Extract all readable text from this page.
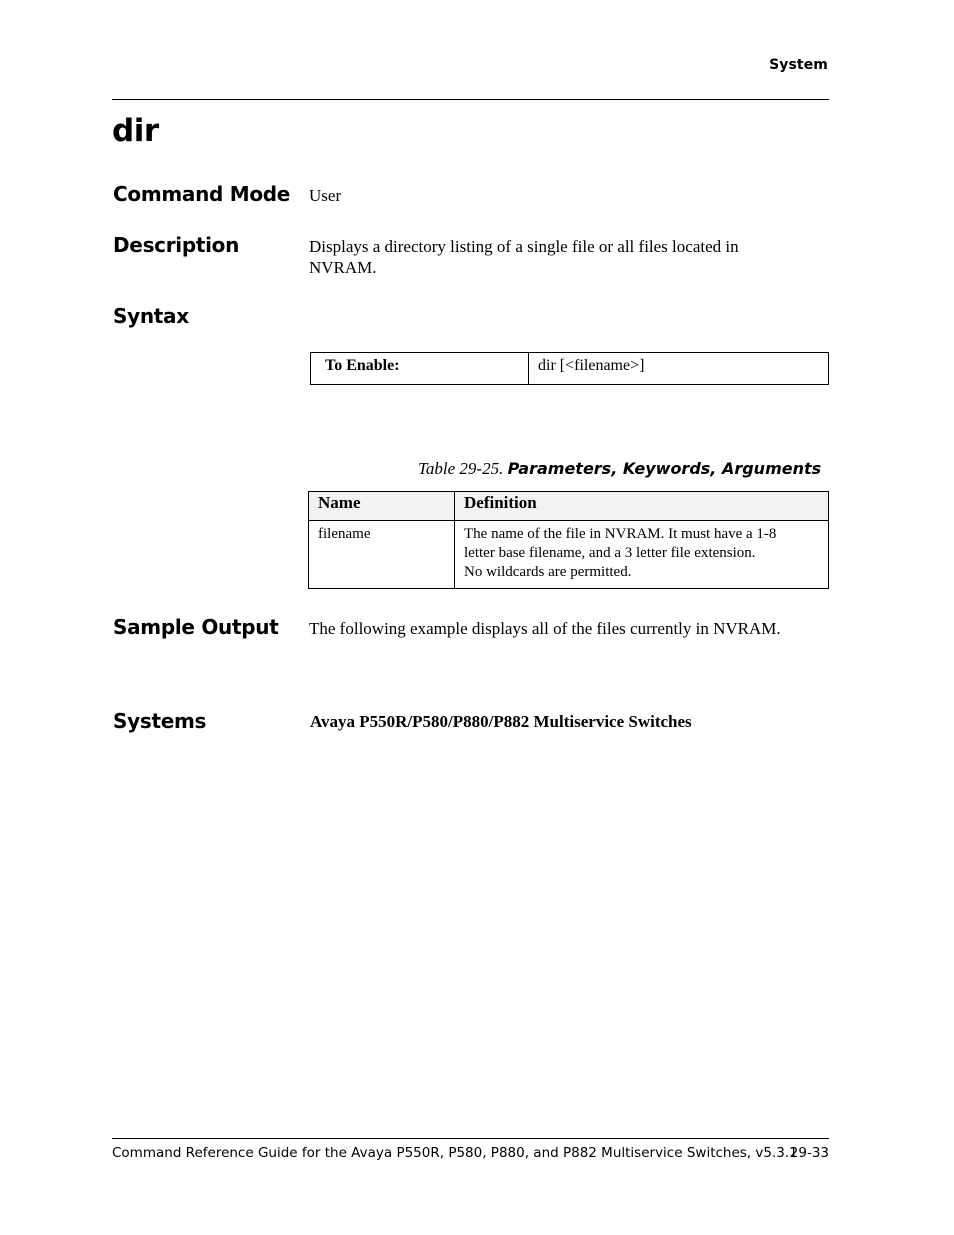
System
dir
Command Mode User
Description	Displays a directory listing of a single file or all files located in
NVRAM.
Syntax
To Enable:	dir [<filename>]
Table 29-25. Parameters, Keywords, Arguments
Name	Definition
filename	The name of the file in NVRAM. It must have a 1-8
letter base filename, and a 3 letter file extension.
No wildcards are permitted.
Sample Output The following example displays all of the files currently in NVRAM.
Systems	Avaya P550R/P580/P880/P882 Multiservice Switches
Command Reference Guide for the Avaya P550R, P580, P880, and P882 Multiservice Switches, v5.3.1
29-33
